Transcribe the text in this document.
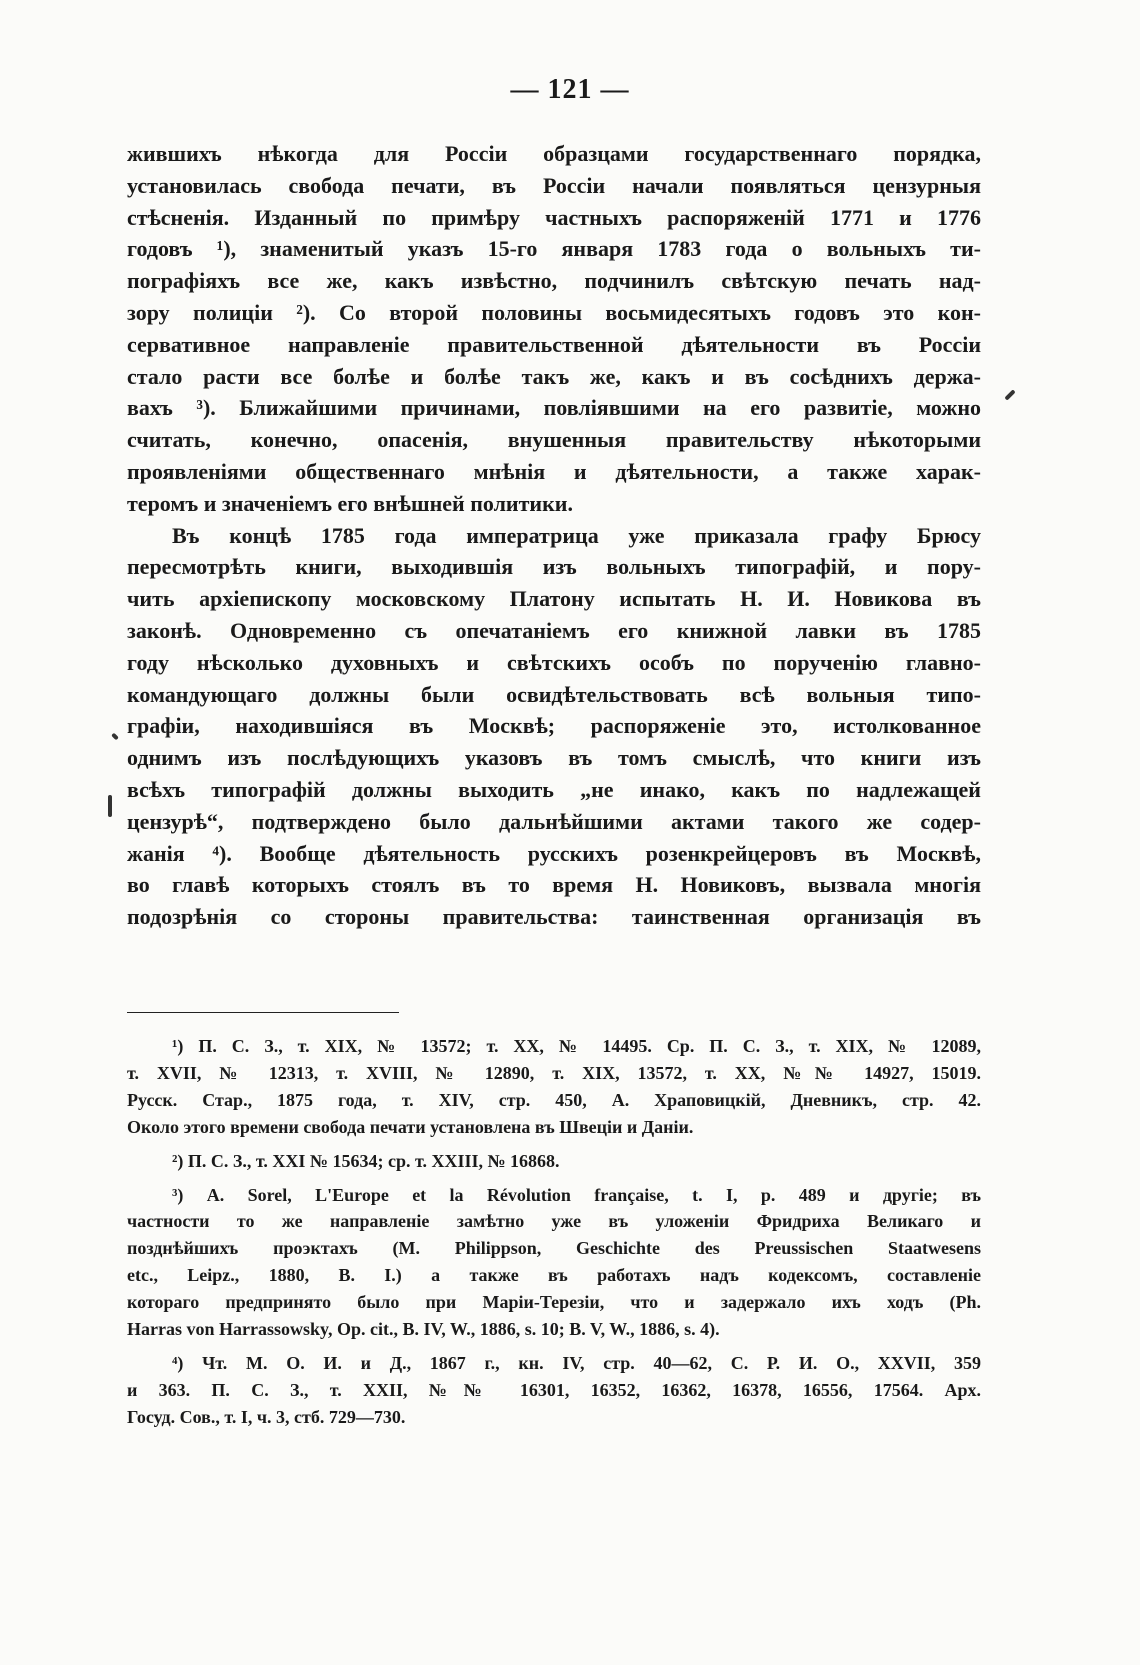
— 121 —
жившихъ нѣкогда для Россіи образцами государственнаго порядка,
установилась свобода печати, въ Россіи начали появляться цензурныя
стѣсненія. Изданный по примѣру частныхъ распоряженій 1771 и 1776
годовъ ¹), знаменитый указъ 15-го января 1783 года о вольныхъ ти-
пографіяхъ все же, какъ извѣстно, подчинилъ свѣтскую печать над-
зору полиціи ²). Со второй половины восьмидесятыхъ годовъ это кон-
сервативное направленіе правительственной дѣятельности въ Россіи
стало расти все болѣе и болѣе такъ же, какъ и въ сосѣднихъ держа-
вахъ ³). Ближайшими причинами, повліявшими на его развитіе, можно
считать, конечно, опасенія, внушенныя правительству нѣкоторыми
проявленіями общественнаго мнѣнія и дѣятельности, а также харак-
теромъ и значеніемъ его внѣшней политики.
Въ концѣ 1785 года императрица уже приказала графу Брюсу
пересмотрѣть книги, выходившія изъ вольныхъ типографій, и пору-
чить архіепископу московскому Платону испытать Н. И. Новикова въ
законѣ. Одновременно съ опечатаніемъ его книжной лавки въ 1785
году нѣсколько духовныхъ и свѣтскихъ особъ по порученію главно-
командующаго должны были освидѣтельствовать всѣ вольныя типо-
графіи, находившіяся въ Москвѣ; распоряженіе это, истолкованное
однимъ изъ послѣдующихъ указовъ въ томъ смыслѣ, что книги изъ
всѣхъ типографій должны выходить „не инако, какъ по надлежащей
цензурѣ“, подтверждено было дальнѣйшими актами такого же содер-
жанія ⁴). Вообще дѣятельность русскихъ розенкрейцеровъ въ Москвѣ,
во главѣ которыхъ стоялъ въ то время Н. Новиковъ, вызвала многія
подозрѣнія со стороны правительства: таинственная организація въ
¹) П. С. З., т. XIX, № 13572; т. XX, № 14495. Ср. П. С. З., т. XIX, № 12089,
т. XVII, № 12313, т. XVIII, № 12890, т. XIX, 13572, т. XX, №№ 14927, 15019.
Русск. Стар., 1875 года, т. XIV, стр. 450, А. Храповицкій, Дневникъ, стр. 42.
Около этого времени свобода печати установлена въ Швеціи и Даніи.
²) П. С. З., т. XXI № 15634; ср. т. XXIII, № 16868.
³) А. Sorel, L'Europe et la Révolution française, t. I, p. 489 и другіе; въ
частности то же направленіе замѣтно уже въ уложеніи Фридриха Великаго и
позднѣйшихъ проэктахъ (M. Philippson, Geschichte des Preussischen Staatwesens
etc., Leipz., 1880, B. I.) а также въ работахъ надъ кодексомъ, составленіе
котораго предпринято было при Маріи-Терезіи, что и задержало ихъ ходъ (Ph.
Harras von Harrassowsky, Op. cit., B. IV, W., 1886, s. 10; B. V, W., 1886, s. 4).
⁴) Чт. М. О. И. и Д., 1867 г., кн. IV, стр. 40—62, С. Р. И. О., XXVII, 359
и 363. П. С. З., т. XXII, №№ 16301, 16352, 16362, 16378, 16556, 17564. Арх.
Госуд. Сов., т. I, ч. 3, стб. 729—730.
